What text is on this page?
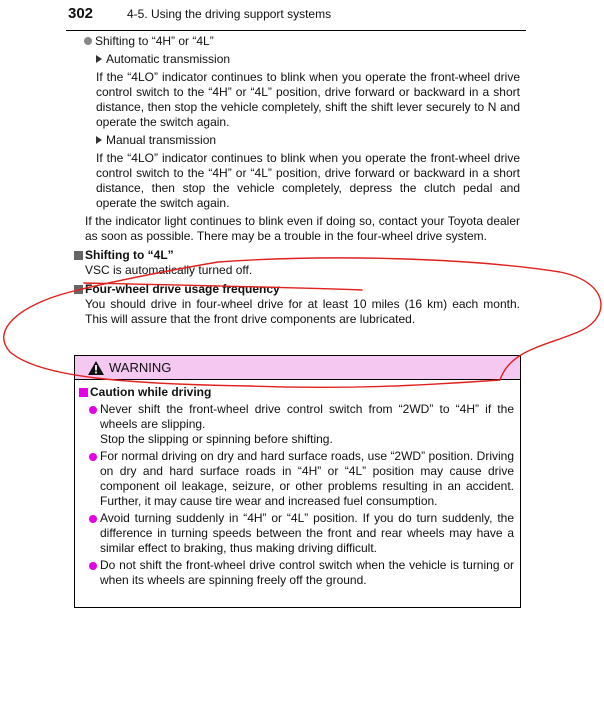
302	4-5. Using the driving support systems
Shifting to “4H” or “4L”
Automatic transmission
If the “4LO” indicator continues to blink when you operate the front-wheel drive control switch to the “4H” or “4L” position, drive forward or backward in a short distance, then stop the vehicle completely, shift the shift lever securely to N and operate the switch again.
Manual transmission
If the “4LO” indicator continues to blink when you operate the front-wheel drive control switch to the “4H” or “4L” position, drive forward or backward in a short distance, then stop the vehicle completely, depress the clutch pedal and operate the switch again.
If the indicator light continues to blink even if doing so, contact your Toyota dealer as soon as possible. There may be a trouble in the four-wheel drive system.
Shifting to “4L”
VSC is automatically turned off.
Four-wheel drive usage frequency
You should drive in four-wheel drive for at least 10 miles (16 km) each month. This will assure that the front drive components are lubricated.
WARNING
Caution while driving
Never shift the front-wheel drive control switch from “2WD” to “4H” if the wheels are slipping.
Stop the slipping or spinning before shifting.
For normal driving on dry and hard surface roads, use “2WD” position. Driving on dry and hard surface roads in “4H” or “4L” position may cause drive component oil leakage, seizure, or other problems resulting in an accident. Further, it may cause tire wear and increased fuel consumption.
Avoid turning suddenly in “4H” or “4L” position. If you do turn suddenly, the difference in turning speeds between the front and rear wheels may have a similar effect to braking, thus making driving difficult.
Do not shift the front-wheel drive control switch when the vehicle is turning or when its wheels are spinning freely off the ground.
